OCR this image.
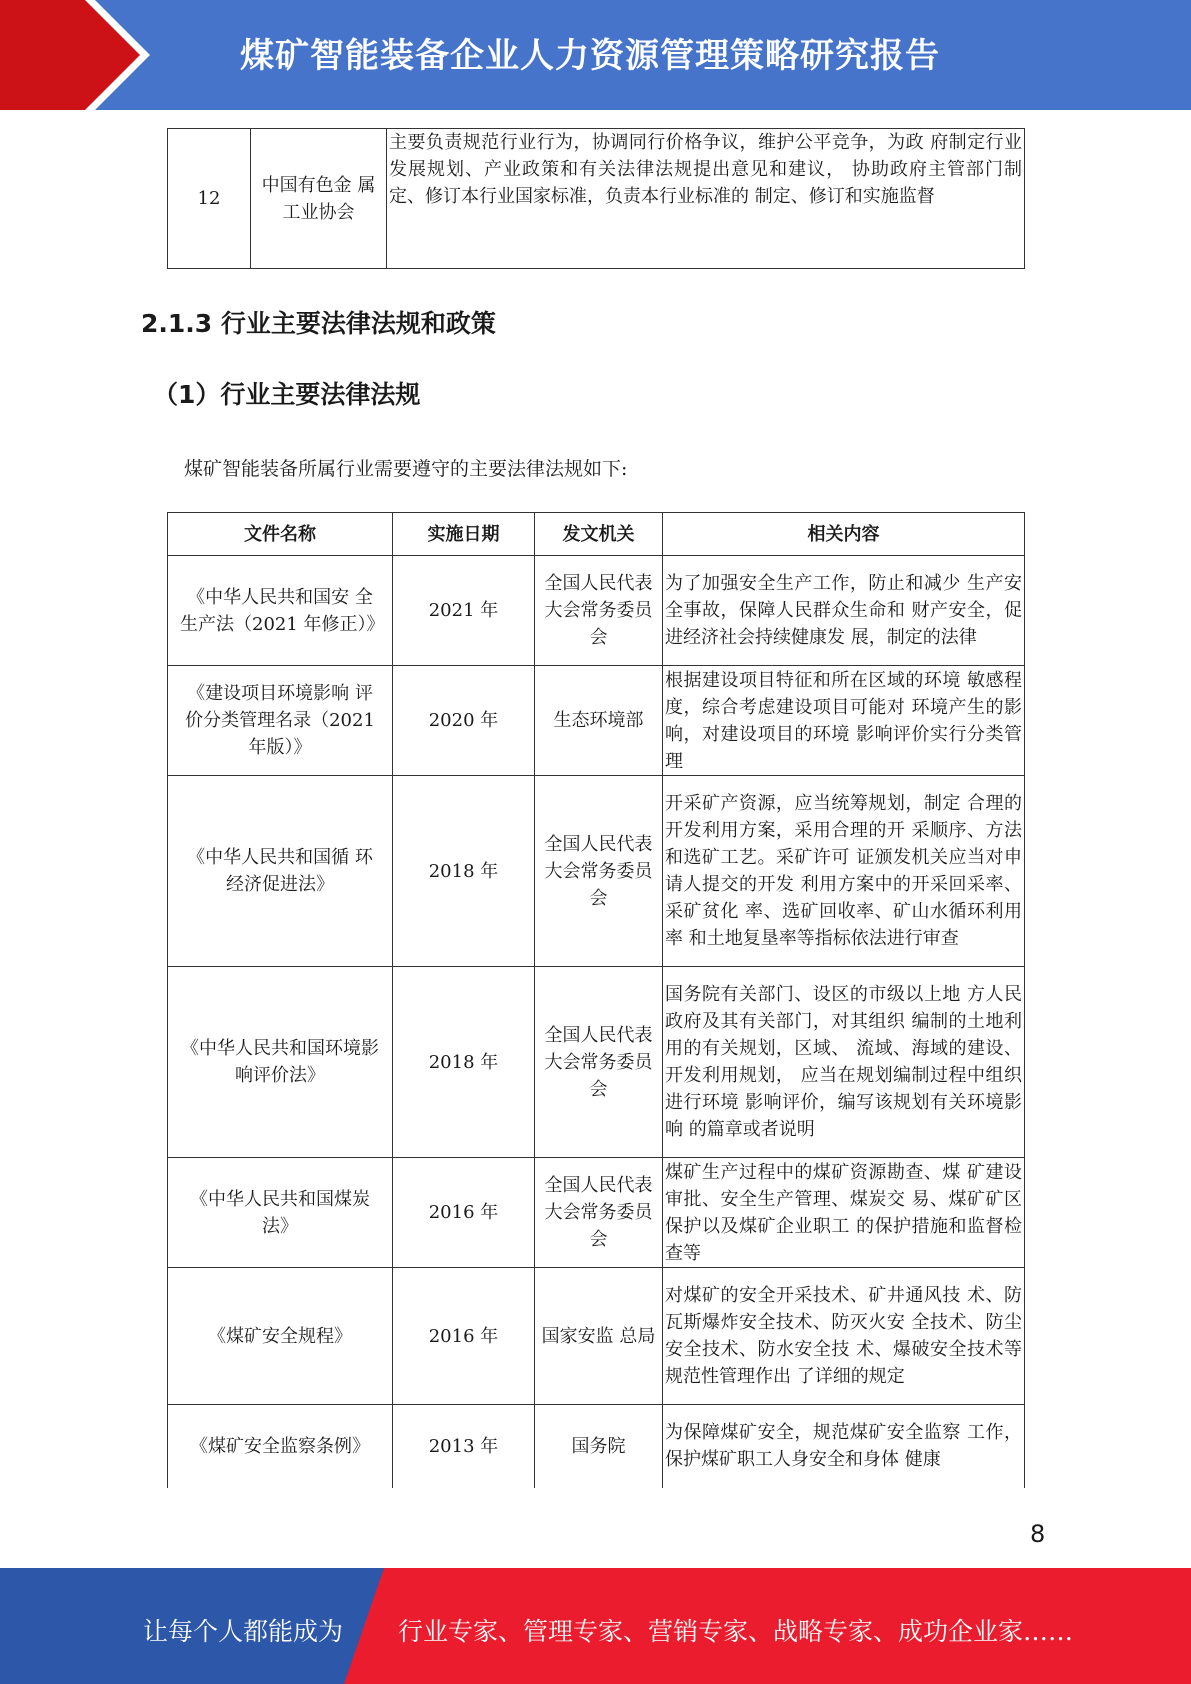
煤矿智能装备企业人力资源管理策略研究报告
12	中国有色金 属工业协会	主要负责规范行业行为，协调同行价格争议，维护公平竞争，为政 府制定行业发展规划、产业政策和有关法律法规提出意见和建议， 协助政府主管部门制定、修订本行业国家标准，负责本行业标准的 制定、修订和实施监督
2.1.3 行业主要法律法规和政策
（1）行业主要法律法规
煤矿智能装备所属行业需要遵守的主要法律法规如下:
文件名称	实施日期	发文机关	相关内容
《中华人民共和国安 全生产法（2021 年修正）》	2021 年	全国人民代表大会常务委员会	为了加强安全生产工作，防止和减少 生产安全事故，保障人民群众生命和 财产安全，促进经济社会持续健康发 展，制定的法律
《建设项目环境影响 评价分类管理名录（2021 年版）》	2020 年	生态环境部	根据建设项目特征和所在区域的环境 敏感程度，综合考虑建设项目可能对 环境产生的影响，对建设项目的环境 影响评价实行分类管理
《中华人民共和国循 环经济促进法》	2018 年	全国人民代表大会常务委员会	开采矿产资源，应当统筹规划，制定 合理的开发利用方案，采用合理的开 采顺序、方法和选矿工艺。采矿许可 证颁发机关应当对申请人提交的开发 利用方案中的开采回采率、采矿贫化 率、选矿回收率、矿山水循环利用率 和土地复垦率等指标依法进行审查
《中华人民共和国环境影响评价法》	2018 年	全国人民代表大会常务委员会	国务院有关部门、设区的市级以上地 方人民政府及其有关部门，对其组织 编制的土地利用的有关规划，区域、 流域、海域的建设、开发利用规划， 应当在规划编制过程中组织进行环境 影响评价，编写该规划有关环境影响 的篇章或者说明
《中华人民共和国煤炭法》	2016 年	全国人民代表大会常务委员会	煤矿生产过程中的煤矿资源勘查、煤 矿建设审批、安全生产管理、煤炭交 易、煤矿矿区保护以及煤矿企业职工 的保护措施和监督检查等
《煤矿安全规程》	2016 年	国家安监 总局	对煤矿的安全开采技术、矿井通风技 术、防瓦斯爆炸安全技术、防灭火安 全技术、防尘安全技术、防水安全技 术、爆破安全技术等规范性管理作出 了详细的规定
《煤矿安全监察条例》	2013 年	国务院	为保障煤矿安全，规范煤矿安全监察 工作，保护煤矿职工人身安全和身体 健康
8
让每个人都能成为 行业专家、管理专家、营销专家、战略专家、成功企业家……
